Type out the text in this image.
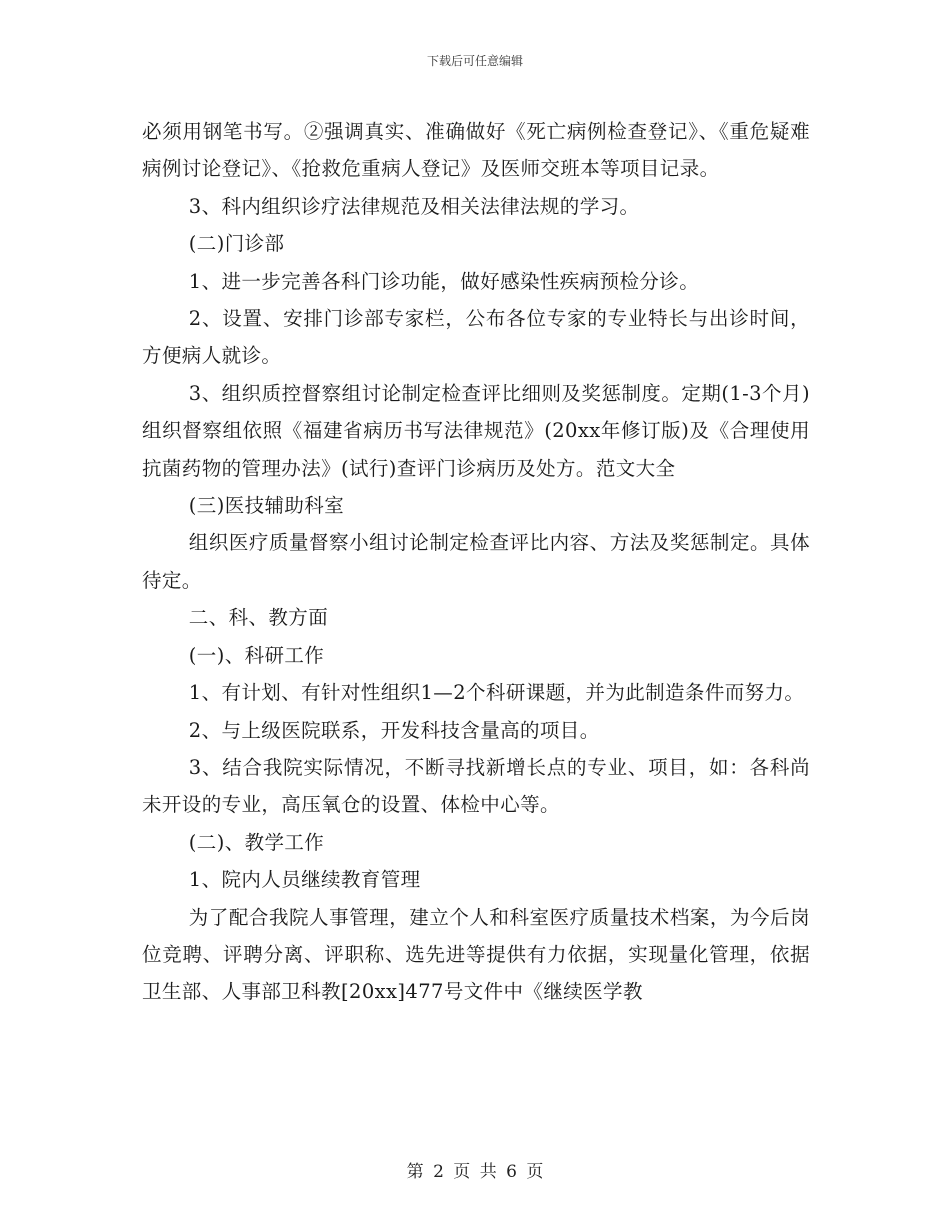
下载后可任意编辑

必须用钢笔书写。②强调真实、准确做好《死亡病例检查登记》、《重危疑难病例讨论登记》、《抢救危重病人登记》及医师交班本等项目记录。

3、科内组织诊疗法律规范及相关法律法规的学习。

(二)门诊部

1、进一步完善各科门诊功能，做好感染性疾病预检分诊。

2、设置、安排门诊部专家栏，公布各位专家的专业特长与出诊时间，方便病人就诊。

3、组织质控督察组讨论制定检查评比细则及奖惩制度。定期(1-3个月)组织督察组依照《福建省病历书写法律规范》(20xx年修订版)及《合理使用抗菌药物的管理办法》(试行)查评门诊病历及处方。范文大全

(三)医技辅助科室

组织医疗质量督察小组讨论制定检查评比内容、方法及奖惩制定。具体待定。

二、科、教方面

(一)、科研工作

1、有计划、有针对性组织1—2个科研课题，并为此制造条件而努力。

2、与上级医院联系，开发科技含量高的项目。

3、结合我院实际情况，不断寻找新增长点的专业、项目，如：各科尚未开设的专业，高压氧仓的设置、体检中心等。

(二)、教学工作

1、院内人员继续教育管理

为了配合我院人事管理，建立个人和科室医疗质量技术档案，为今后岗位竞聘、评聘分离、评职称、选先进等提供有力依据，实现量化管理，依据卫生部、人事部卫科教[20xx]477号文件中《继续医学教

第 2 页 共 6 页
